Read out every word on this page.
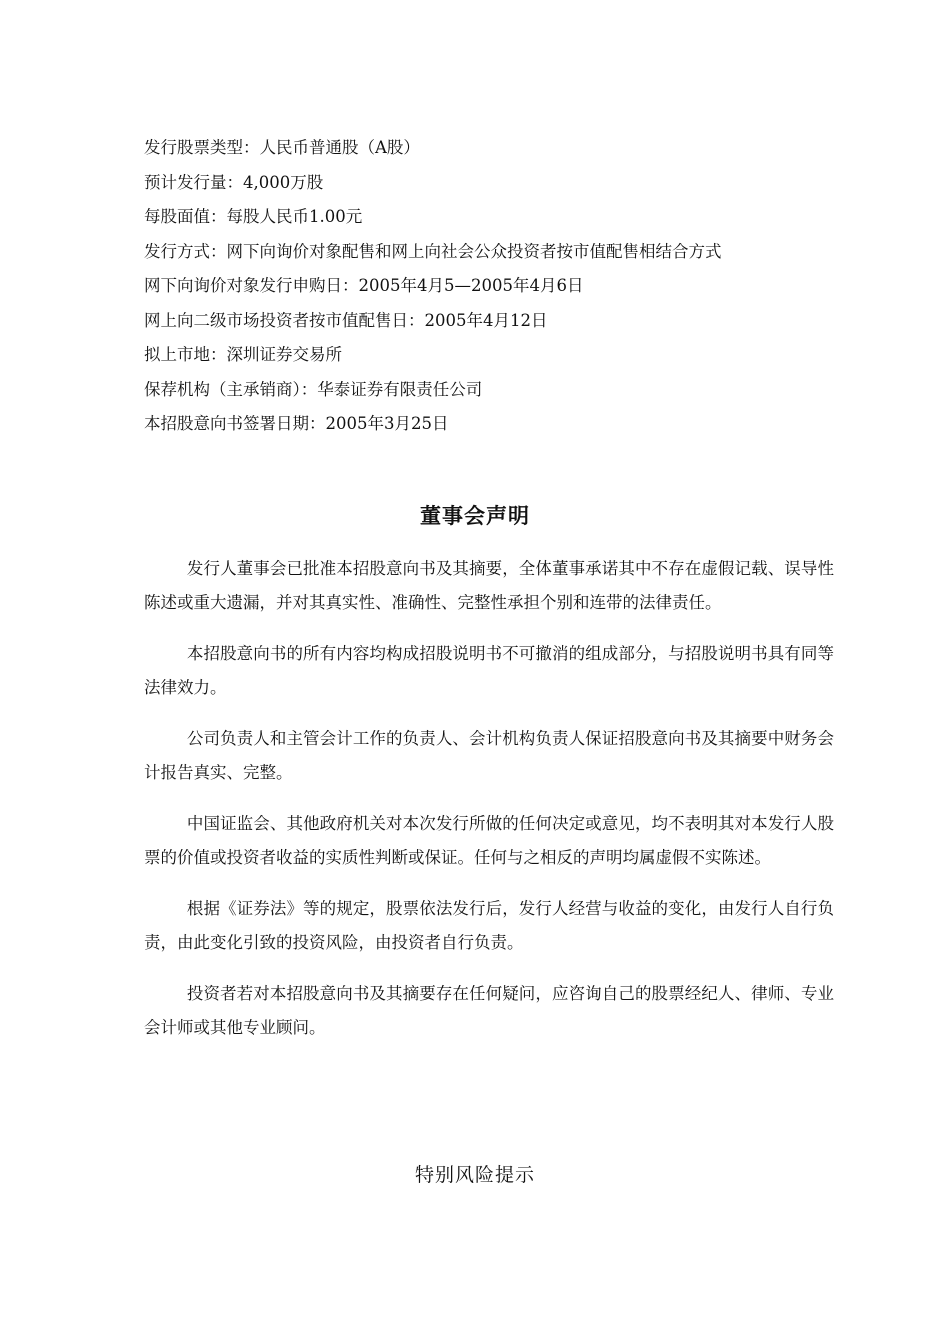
发行股票类型：人民币普通股（A股）
预计发行量：4,000万股
每股面值：每股人民币1.00元
发行方式：网下向询价对象配售和网上向社会公众投资者按市值配售相结合方式
网下向询价对象发行申购日：2005年4月5—2005年4月6日
网上向二级市场投资者按市值配售日：2005年4月12日
拟上市地：深圳证券交易所
保荐机构（主承销商）：华泰证券有限责任公司
本招股意向书签署日期：2005年3月25日
董事会声明

发行人董事会已批准本招股意向书及其摘要，全体董事承诺其中不存在虚假记载、误导性陈述或重大遗漏，并对其真实性、准确性、完整性承担个别和连带的法律责任。

本招股意向书的所有内容均构成招股说明书不可撤消的组成部分，与招股说明书具有同等法律效力。

公司负责人和主管会计工作的负责人、会计机构负责人保证招股意向书及其摘要中财务会计报告真实、完整。

中国证监会、其他政府机关对本次发行所做的任何决定或意见，均不表明其对本发行人股票的价值或投资者收益的实质性判断或保证。任何与之相反的声明均属虚假不实陈述。

根据《证券法》等的规定，股票依法发行后，发行人经营与收益的变化，由发行人自行负责，由此变化引致的投资风险，由投资者自行负责。

投资者若对本招股意向书及其摘要存在任何疑问，应咨询自己的股票经纪人、律师、专业会计师或其他专业顾问。

特别风险提示
